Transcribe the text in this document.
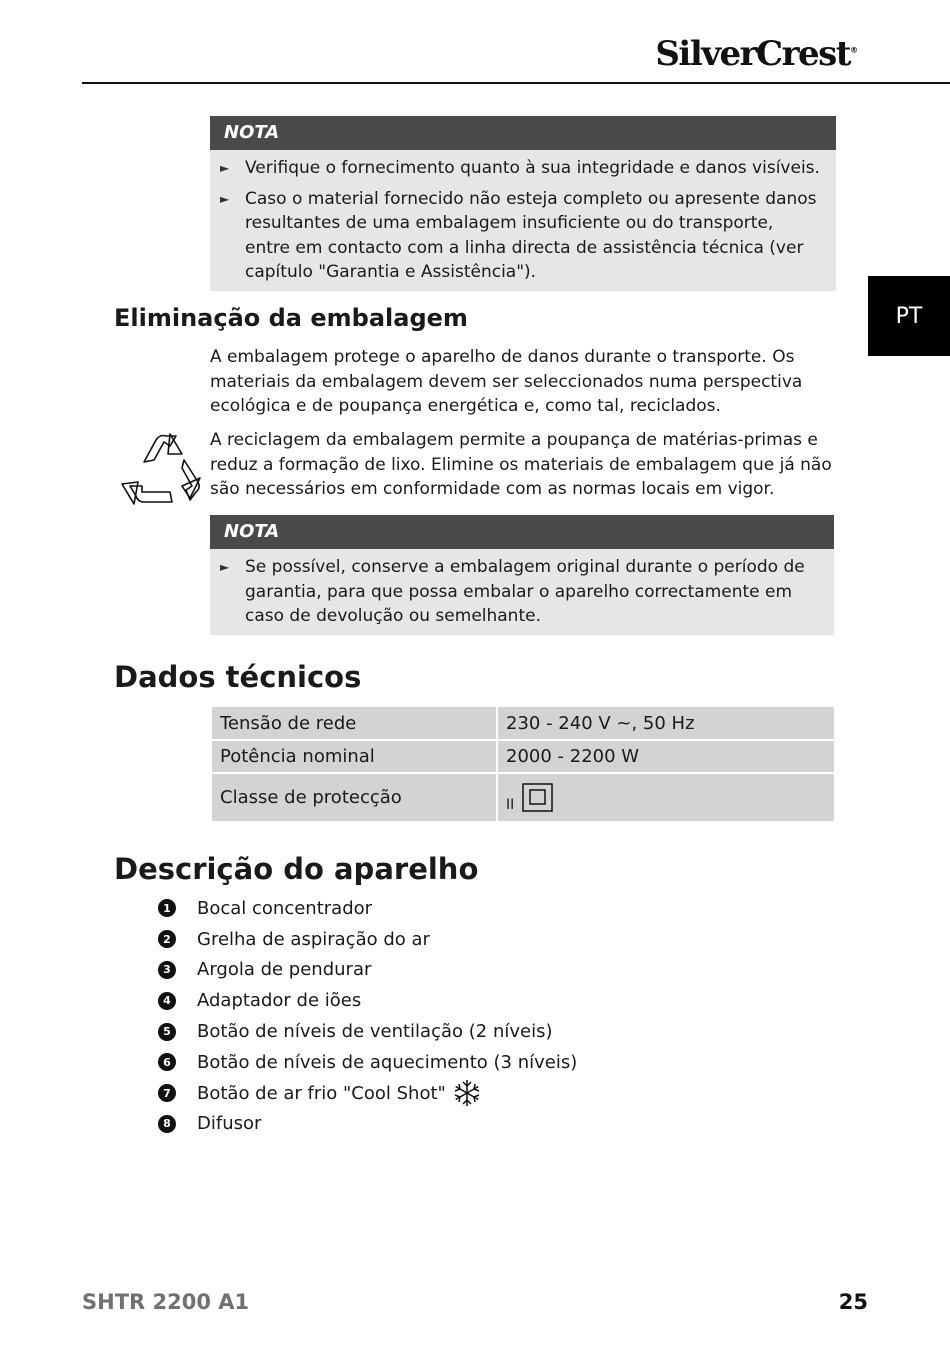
SilverCrest®
PT
NOTA
► Verifique o fornecimento quanto à sua integridade e danos visíveis.
► Caso o material fornecido não esteja completo ou apresente danos resultantes de uma embalagem insuficiente ou do transporte, entre em contacto com a linha directa de assistência técnica (ver capítulo "Garantia e Assistência").
Eliminação da embalagem
A embalagem protege o aparelho de danos durante o transporte. Os materiais da embalagem devem ser seleccionados numa perspectiva ecológica e de poupança energética e, como tal, reciclados.
A reciclagem da embalagem permite a poupança de matérias-primas e reduz a formação de lixo. Elimine os materiais de embalagem que já não são necessários em conformidade com as normas locais em vigor.
NOTA
► Se possível, conserve a embalagem original durante o período de garantia, para que possa embalar o aparelho correctamente em caso de devolução ou semelhante.
Dados técnicos
Tensão de rede	230 - 240 V ~, 50 Hz
Potência nominal	2000 - 2200 W
Classe de protecção	$_{II}$
Descrição do aparelho
1 Bocal concentrador
2 Grelha de aspiração do ar
3 Argola de pendurar
4 Adaptador de iões
5 Botão de níveis de ventilação (2 níveis)
6 Botão de níveis de aquecimento (3 níveis)
7 Botão de ar frio "Cool Shot"
8 Difusor
SHTR 2200 A1	25
